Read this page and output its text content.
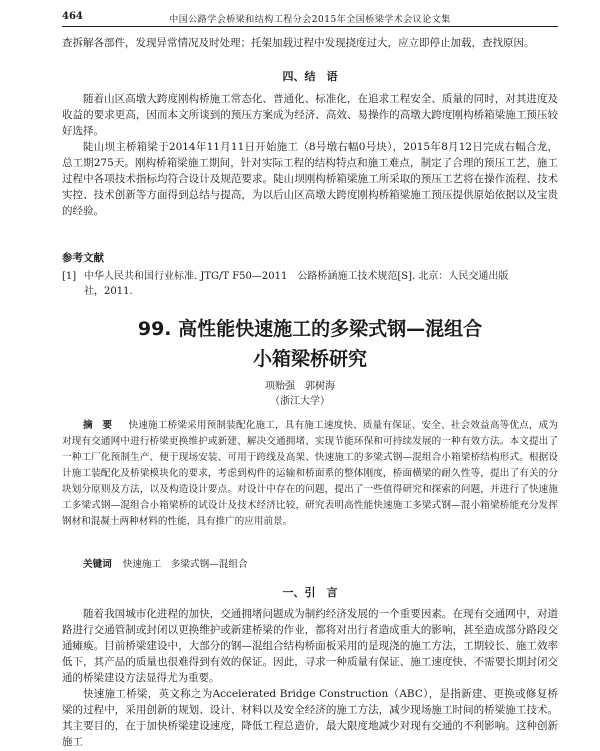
464	中国公路学会桥梁和结构工程分会2015年全国桥梁学术会议论文集

查拆解各部件，发现异常情况及时处理；托架加载过程中发现挠度过大，应立即停止加载，查找原因。

四、结　语

随着山区高墩大跨度刚构桥施工常态化、普通化、标准化，在追求工程安全、质量的同时，对其进度及收益的要求更高，因而本文所谈到的预压方案成为经济、高效、易操作的高墩大跨度刚构桥箱梁施工预压较好选择。

陡山坝主桥箱梁于2014年11月11日开始施工（8号墩右幅0号块），2015年8月12日完成右幅合龙，总工期275天。刚构桥箱梁施工期间，针对实际工程的结构特点和施工难点，制定了合理的预压工艺，施工过程中各项技术指标均符合设计及规范要求。陡山坝刚构桥箱梁施工所采取的预压工艺将在操作流程、技术实控、技术创新等方面得到总结与提高，为以后山区高墩大跨度刚构桥箱梁施工预压提供原始依据以及宝贵的经验。

参考文献
[1] 中华人民共和国行业标准. JTG/T F50—2011　公路桥涵施工技术规范[S]. 北京：人民交通出版
社，2011.
99. 高性能快速施工的多梁式钢—混组合
小箱梁桥研究
项贻强　郭树海
（浙江大学）
摘　要 　 快速施工桥梁采用预制装配化施工，具有施工速度快、质量有保证、安全、社会效益高等优点，成为对现有交通网中进行桥梁更换维护或新建、解决交通拥堵、实现节能环保和可持续发展的一种有效方法。本文提出了一种工厂化预制生产、便于现场安装、可用于跨线及高架、快速施工的多梁式钢—混组合小箱梁桥结构形式。根据设计施工装配化及桥梁模块化的要求，考虑到构件的运输和桥面系的整体刚度，桥面横梁的耐久性等，提出了有关的分块划分原则及方法，以及构造设计要点。对设计中存在的问题，提出了一些值得研究和探索的问题，并进行了快速施工多梁式钢—混组合小箱梁桥的试设计及技术经济比较，研究表明高性能快速施工多梁式钢—混小箱梁桥能充分发挥钢材和混凝土两种材料的性能，具有推广的应用前景。
关键词 快速施工　多梁式钢—混组合
一、引　言

随着我国城市化进程的加快，交通拥堵问题成为制约经济发展的一个重要因素。在现有交通网中，对道路进行交通管制或封闭以更换维护或新建桥梁的作业，都将对出行者造成重大的影响，甚至造成部分路段交通瘫痪。目前桥梁建设中，大部分的钢—混组合结构桥面板采用的是现浇的施工方法，工期较长、施工效率低下，其产品的质量也很难得到有效的保证。因此，寻求一种质量有保证、施工速度快、不需要长期封闭交通的桥梁建设方法显得尤为重要。

快速施工桥梁，英文称之为Accelerated Bridge Construction（ABC），是指新建、更换或修复桥梁的过程中，采用创新的规划、设计、材料以及安全经济的施工方法，减少现场施工时间的桥梁施工技术。其主要目的，在于加快桥梁建设速度，降低工程总造价，最大限度地减少对现有交通的不利影响。这种创新施工
